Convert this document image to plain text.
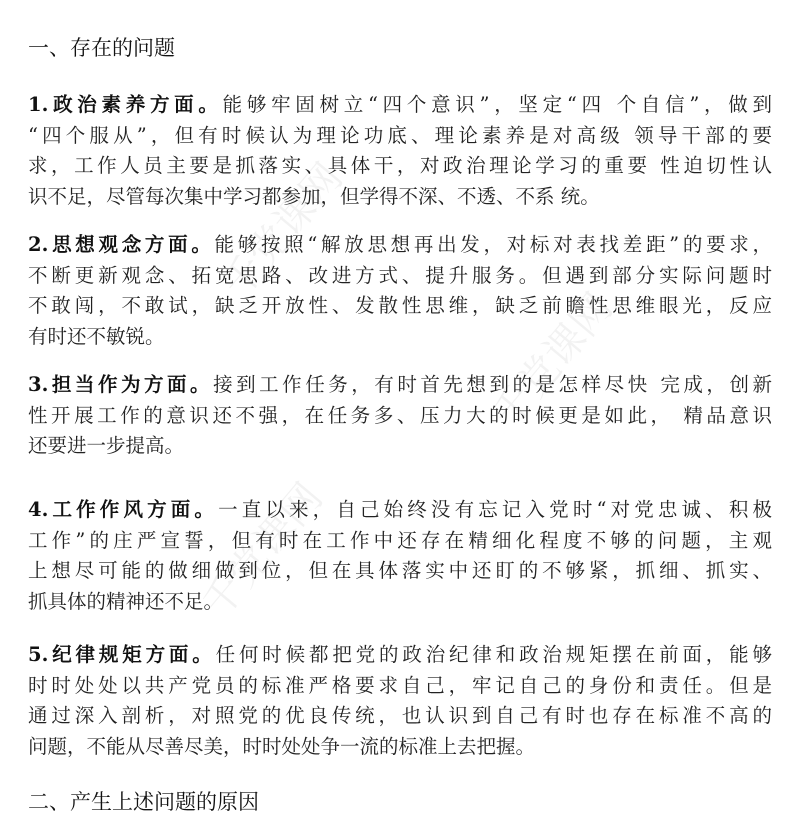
千党课网
千党课网
千党课网
一、存在的问题
1.政治素养方面。能够牢固树立“四个意识”，坚定“四 个自信”，做到
“四个服从”，但有时候认为理论功底、理论素养是对高级 领导干部的要
求，工作人员主要是抓落实、具体干，对政治理论学习的重要 性迫切性认
识不足，尽管每次集中学习都参加，但学得不深、不透、不系 统。
2.思想观念方面。能够按照“解放思想再出发，对标对表找差距”的要求，
不断更新观念、拓宽思路、改进方式、提升服务。但遇到部分实际问题时
不敢闯，不敢试，缺乏开放性、发散性思维，缺乏前瞻性思维眼光，反应
有时还不敏锐。
3.担当作为方面。接到工作任务，有时首先想到的是怎样尽快 完成，创新
性开展工作的意识还不强，在任务多、压力大的时候更是如此， 精品意识
还要进一步提高。
4.工作作风方面。一直以来，自己始终没有忘记入党时“对党忠诚、积极
工作”的庄严宣誓，但有时在工作中还存在精细化程度不够的问题，主观
上想尽可能的做细做到位，但在具体落实中还盯的不够紧，抓细、抓实、
抓具体的精神还不足。
5.纪律规矩方面。任何时候都把党的政治纪律和政治规矩摆在前面，能够
时时处处以共产党员的标准严格要求自己，牢记自己的身份和责任。但是
通过深入剖析，对照党的优良传统，也认识到自己有时也存在标准不高的
问题，不能从尽善尽美，时时处处争一流的标准上去把握。
二、产生上述问题的原因
